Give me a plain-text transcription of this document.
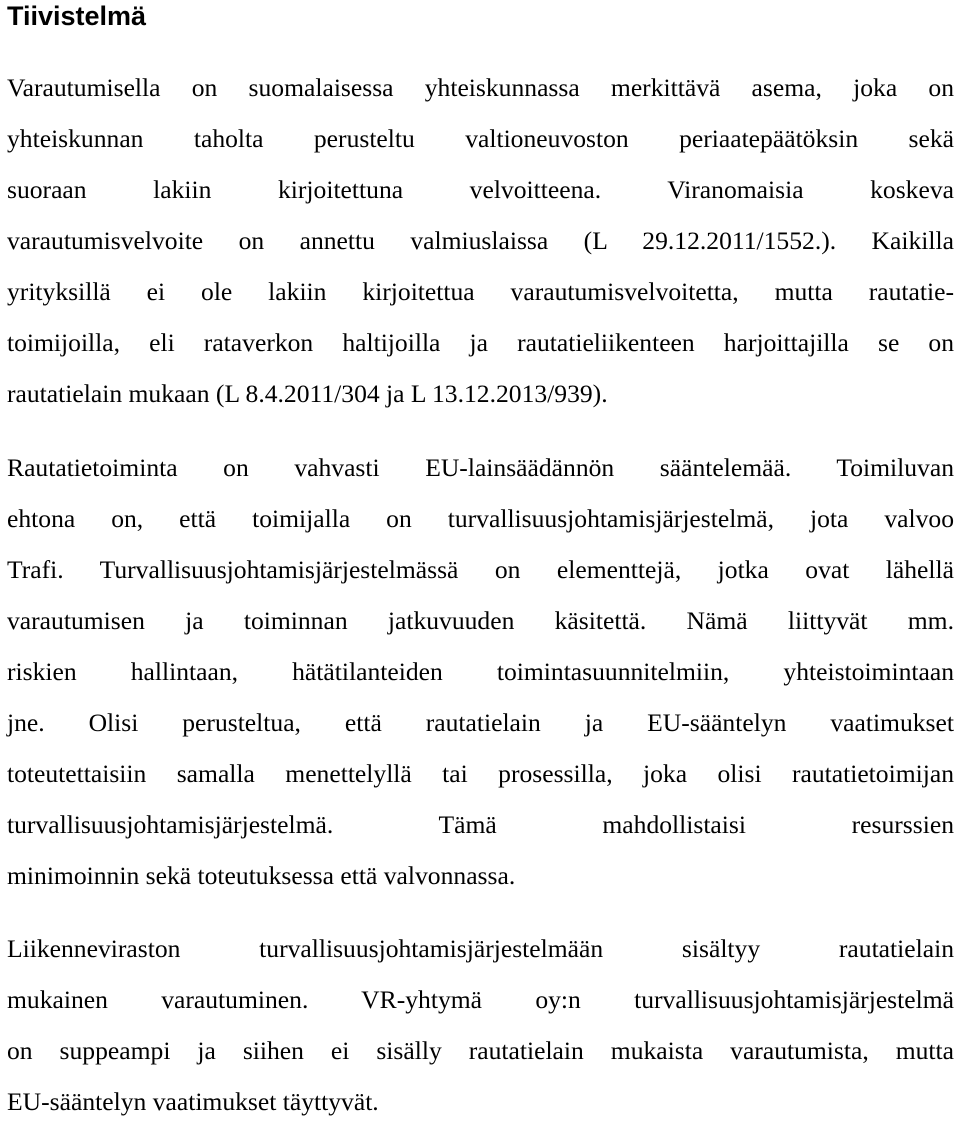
Tiivistelmä
Varautumisella on suomalaisessa yhteiskunnassa merkittävä asema, joka on
yhteiskunnan taholta perusteltu valtioneuvoston periaatepäätöksin sekä
suoraan lakiin kirjoitettuna velvoitteena. Viranomaisia koskeva
varautumisvelvoite on annettu valmiuslaissa (L 29.12.2011/1552.). Kaikilla
yrityksillä ei ole lakiin kirjoitettua varautumisvelvoitetta, mutta rautatie-
toimijoilla, eli rataverkon haltijoilla ja rautatieliikenteen harjoittajilla se on
rautatielain mukaan (L 8.4.2011/304 ja L 13.12.2013/939).
Rautatietoiminta on vahvasti EU-lainsäädännön sääntelemää. Toimiluvan
ehtona on, että toimijalla on turvallisuusjohtamisjärjestelmä, jota valvoo
Trafi. Turvallisuusjohtamisjärjestelmässä on elementtejä, jotka ovat lähellä
varautumisen ja toiminnan jatkuvuuden käsitettä. Nämä liittyvät mm.
riskien hallintaan, hätätilanteiden toimintasuunnitelmiin, yhteistoimintaan
jne. Olisi perusteltua, että rautatielain ja EU-sääntelyn vaatimukset
toteutettaisiin samalla menettelyllä tai prosessilla, joka olisi rautatietoimijan
turvallisuusjohtamisjärjestelmä. Tämä mahdollistaisi resurssien
minimoinnin sekä toteutuksessa että valvonnassa.
Liikenneviraston turvallisuusjohtamisjärjestelmään sisältyy rautatielain
mukainen varautuminen. VR-yhtymä oy:n turvallisuusjohtamisjärjestelmä
on suppeampi ja siihen ei sisälly rautatielain mukaista varautumista, mutta
EU-sääntelyn vaatimukset täyttyvät.
